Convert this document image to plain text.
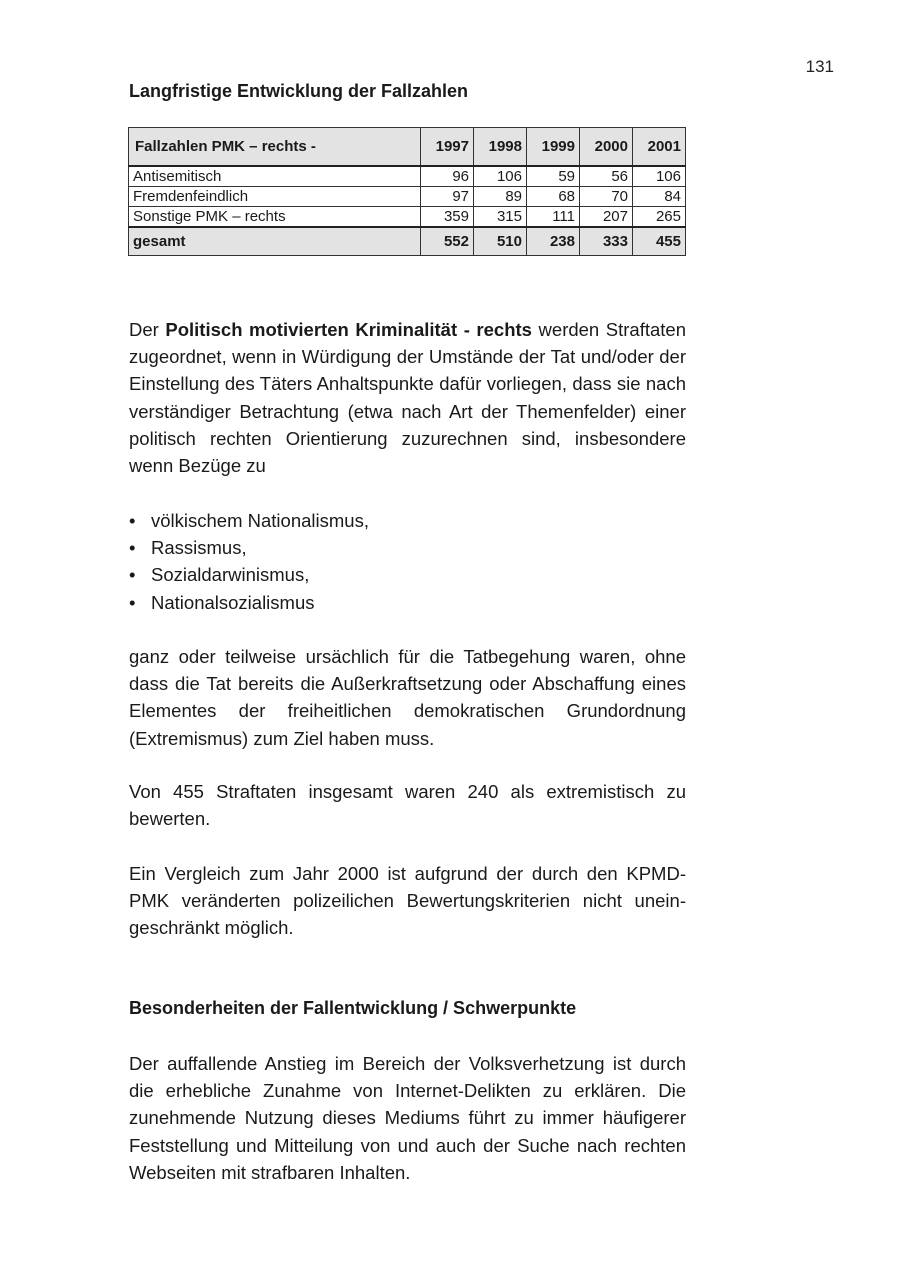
131
Langfristige Entwicklung der Fallzahlen
Fallzahlen PMK – rechts -	1997	1998	1999	2000	2001
Antisemitisch	96	106	59	56	106
Fremdenfeindlich	97	89	68	70	84
Sonstige PMK – rechts	359	315	111	207	265
gesamt	552	510	238	333	455

Der Politisch motivierten Kriminalität - rechts werden Straftaten zugeordnet, wenn in Würdigung der Umstände der Tat und/oder der Einstellung des Täters Anhaltspunkte dafür vorliegen, dass sie nach verständiger Betrachtung (etwa nach Art der Themenfelder) einer politisch rechten Orientierung zuzurechnen sind, insbesondere wenn Bezüge zu

• völkischem Nationalismus,
• Rassismus,
• Sozialdarwinismus,
• Nationalsozialismus

ganz oder teilweise ursächlich für die Tatbegehung waren, ohne dass die Tat bereits die Außerkraftsetzung oder Abschaffung eines Elementes der freiheitlichen demokratischen Grundordnung (Extremismus) zum Ziel haben muss.

Von 455 Straftaten insgesamt waren 240 als extremistisch zu bewerten.

Ein Vergleich zum Jahr 2000 ist aufgrund der durch den KPMD-PMK veränderten polizeilichen Bewertungskriterien nicht uneingeschränkt möglich.

Besonderheiten der Fallentwicklung / Schwerpunkte

Der auffallende Anstieg im Bereich der Volksverhetzung ist durch die erhebliche Zunahme von Internet-Delikten zu erklären. Die zunehmende Nutzung dieses Mediums führt zu immer häufigerer Feststellung und Mitteilung von und auch der Suche nach rechten Webseiten mit strafbaren Inhalten.
